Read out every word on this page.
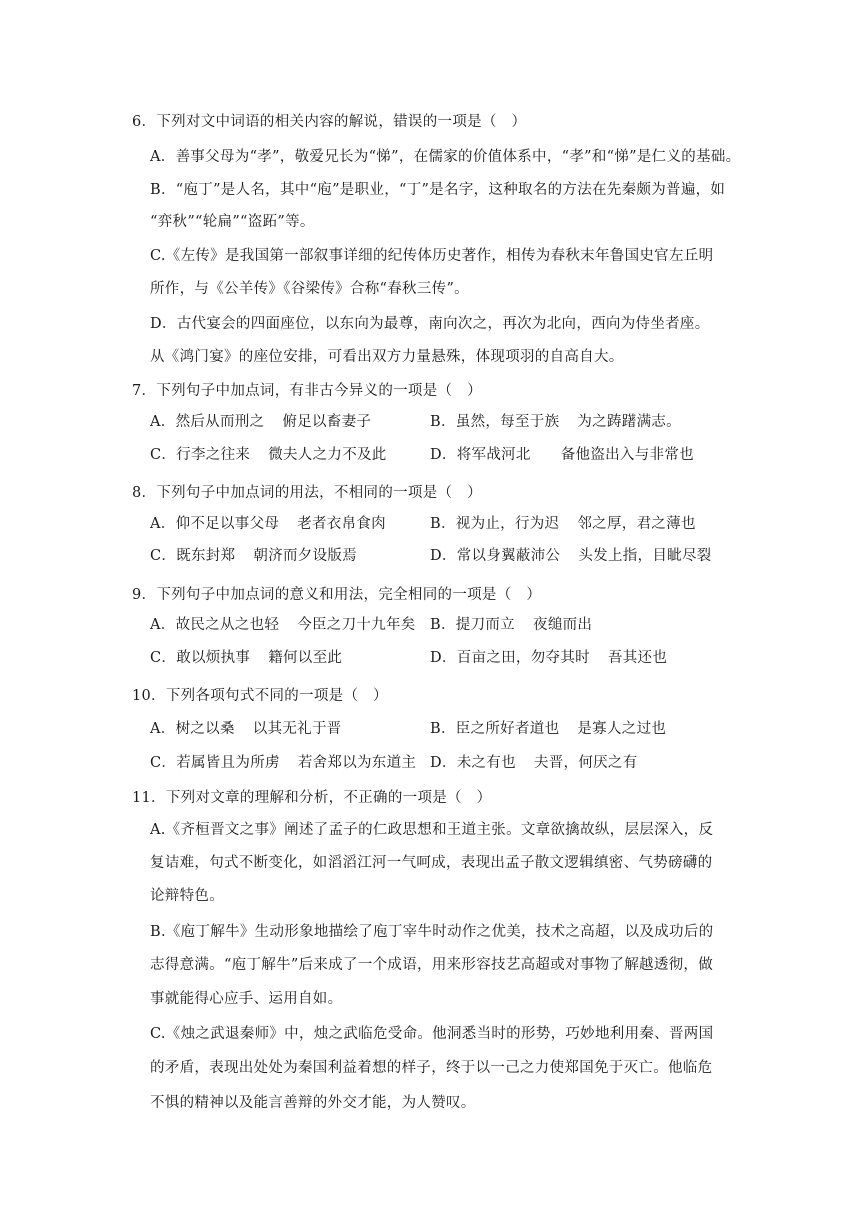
6．下列对文中词语的相关内容的解说，错误的一项是（　）
A．善事父母为“孝”，敬爱兄长为“悌”，在儒家的价值体系中，“孝”和“悌”是仁义的基础。
B．“庖丁”是人名，其中“庖”是职业，“丁”是名字，这种取名的方法在先秦颇为普遍，如
“弈秋”“轮扁”“盗跖”等。
C.《左传》是我国第一部叙事详细的纪传体历史著作，相传为春秋末年鲁国史官左丘明
所作，与《公羊传》《谷梁传》合称“春秋三传”。
D．古代宴会的四面座位，以东向为最尊，南向次之，再次为北向，西向为侍坐者座。
从《鸿门宴》的座位安排，可看出双方力量悬殊，体现项羽的自高自大。
7．下列句子中加点词，有非古今异义的一项是（　）
A．然后从而刑之 俯足以畜妻子	B．虽然，每至于族 为之踌躇满志。
C．行李之往来 微夫人之力不及此	D．将军战河北 备他盗出入与非常也
8．下列句子中加点词的用法，不相同的一项是（　）
A．仰不足以事父母 老者衣帛食肉	B．视为止，行为迟 邻之厚，君之薄也
C．既东封郑 朝济而夕设版焉	D．常以身翼蔽沛公 头发上指，目眦尽裂
9．下列句子中加点词的意义和用法，完全相同的一项是（　）
A．故民之从之也轻 今臣之刀十九年矣 B．提刀而立 夜缒而出
C．敢以烦执事 籍何以至此	D．百亩之田，勿夺其时 吾其还也
10．下列各项句式不同的一项是（　）
A．树之以桑 以其无礼于晋	B．臣之所好者道也 是寡人之过也
C．若属皆且为所虏 若舍郑以为东道主 D．未之有也 夫晋，何厌之有
11．下列对文章的理解和分析，不正确的一项是（　）
A.《齐桓晋文之事》阐述了孟子的仁政思想和王道主张。文章欲擒故纵，层层深入，反
复诘难，句式不断变化，如滔滔江河一气呵成，表现出孟子散文逻辑缜密、气势磅礴的
论辩特色。
B.《庖丁解牛》生动形象地描绘了庖丁宰牛时动作之优美，技术之高超，以及成功后的
志得意满。“庖丁解牛”后来成了一个成语，用来形容技艺高超或对事物了解越透彻，做
事就能得心应手、运用自如。
C.《烛之武退秦师》中，烛之武临危受命。他洞悉当时的形势，巧妙地利用秦、晋两国
的矛盾，表现出处处为秦国利益着想的样子，终于以一己之力使郑国免于灭亡。他临危
不惧的精神以及能言善辩的外交才能，为人赞叹。
